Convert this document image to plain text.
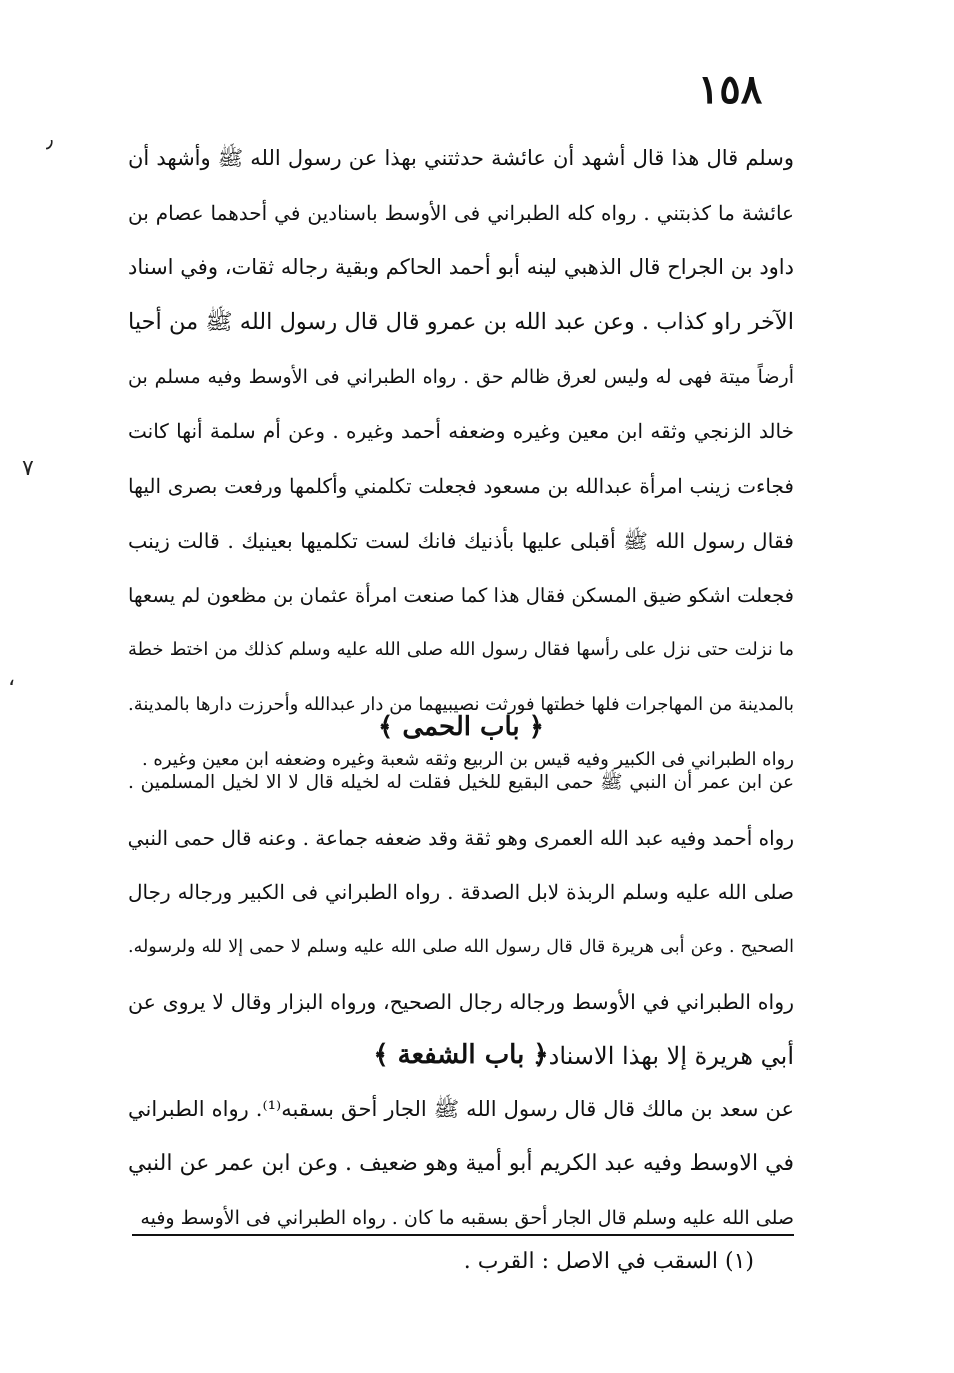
١٥٨
٫
٧
،
وسلم قال هذا قال أشهد أن عائشة حدثتني بهذا عن رسول الله ﷺ وأشهد أن
عائشة ما كذبتني . رواه كله الطبراني فى الأوسط باسنادين في أحدهما عصام بن
داود بن الجراح قال الذهبي لينه أبو أحمد الحاكم وبقية رجاله ثقات، وفي اسناد
الآخر راو كذاب . وعن عبد الله بن عمرو قال قال رسول الله ﷺ من أحيا
أرضاً ميتة فهى له وليس لعرق ظالم حق . رواه الطبراني فى الأوسط وفيه مسلم بن
خالد الزنجي وثقه ابن معين وغيره وضعفه أحمد وغيره . وعن أم سلمة أنها كانت
فجاءت زينب امرأة عبدالله بن مسعود فجعلت تكلمني وأكلمها ورفعت بصرى اليها
فقال رسول الله ﷺ أقبلى عليها بأذنيك فانك لست تكلميها بعينيك . قالت زينب
فجعلت اشكو ضيق المسكن فقال هذا كما صنعت امرأة عثمان بن مظعون لم يسعها
ما نزلت حتى نزل على رأسها فقال رسول الله صلى الله عليه وسلم كذلك من اختط خطة
بالمدينة من المهاجرات فلها خطتها فورثت نصيبيهما من دار عبدالله وأحرزت دارها بالمدينة.
رواه الطبراني فى الكبير وفيه قيس بن الربيع وثقه شعبة وغيره وضعفه ابن معين وغيره .
﴿ باب الحمى ﴾
عن ابن عمر أن النبي ﷺ حمى البقيع للخيل فقلت له لخيله قال لا الا لخيل المسلمين .
رواه أحمد وفيه عبد الله العمرى وهو ثقة وقد ضعفه جماعة . وعنه قال حمى النبي
صلى الله عليه وسلم الربذة لابل الصدقة . رواه الطبراني فى الكبير ورجاله رجال
الصحيح . وعن أبى هريرة قال قال رسول الله صلى الله عليه وسلم لا حمى إلا لله ولرسوله.
رواه الطبراني في الأوسط ورجاله رجال الصحيح، ورواه البزار وقال لا يروى عن
أبي هريرة إلا بهذا الاسناد .
﴿ باب الشفعة ﴾
عن سعد بن مالك قال قال رسول الله ﷺ الجار أحق بسقبه⁽¹⁾. رواه الطبراني
في الاوسط وفيه عبد الكريم أبو أمية وهو ضعيف . وعن ابن عمر عن النبي
صلى الله عليه وسلم قال الجار أحق بسقبه ما كان . رواه الطبراني فى الأوسط وفيه
(١) السقب في الاصل : القرب .
